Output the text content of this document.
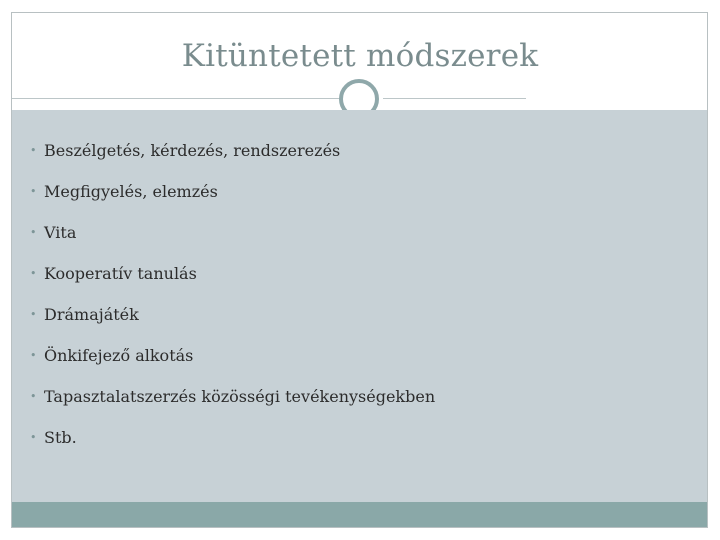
Kitüntetett módszerek
• Beszélgetés, kérdezés, rendszerezés
• Megfigyelés, elemzés
• Vita
• Kooperatív tanulás
• Drámajáték
• Önkifejező alkotás
• Tapasztalatszerzés közösségi tevékenységekben
• Stb.
